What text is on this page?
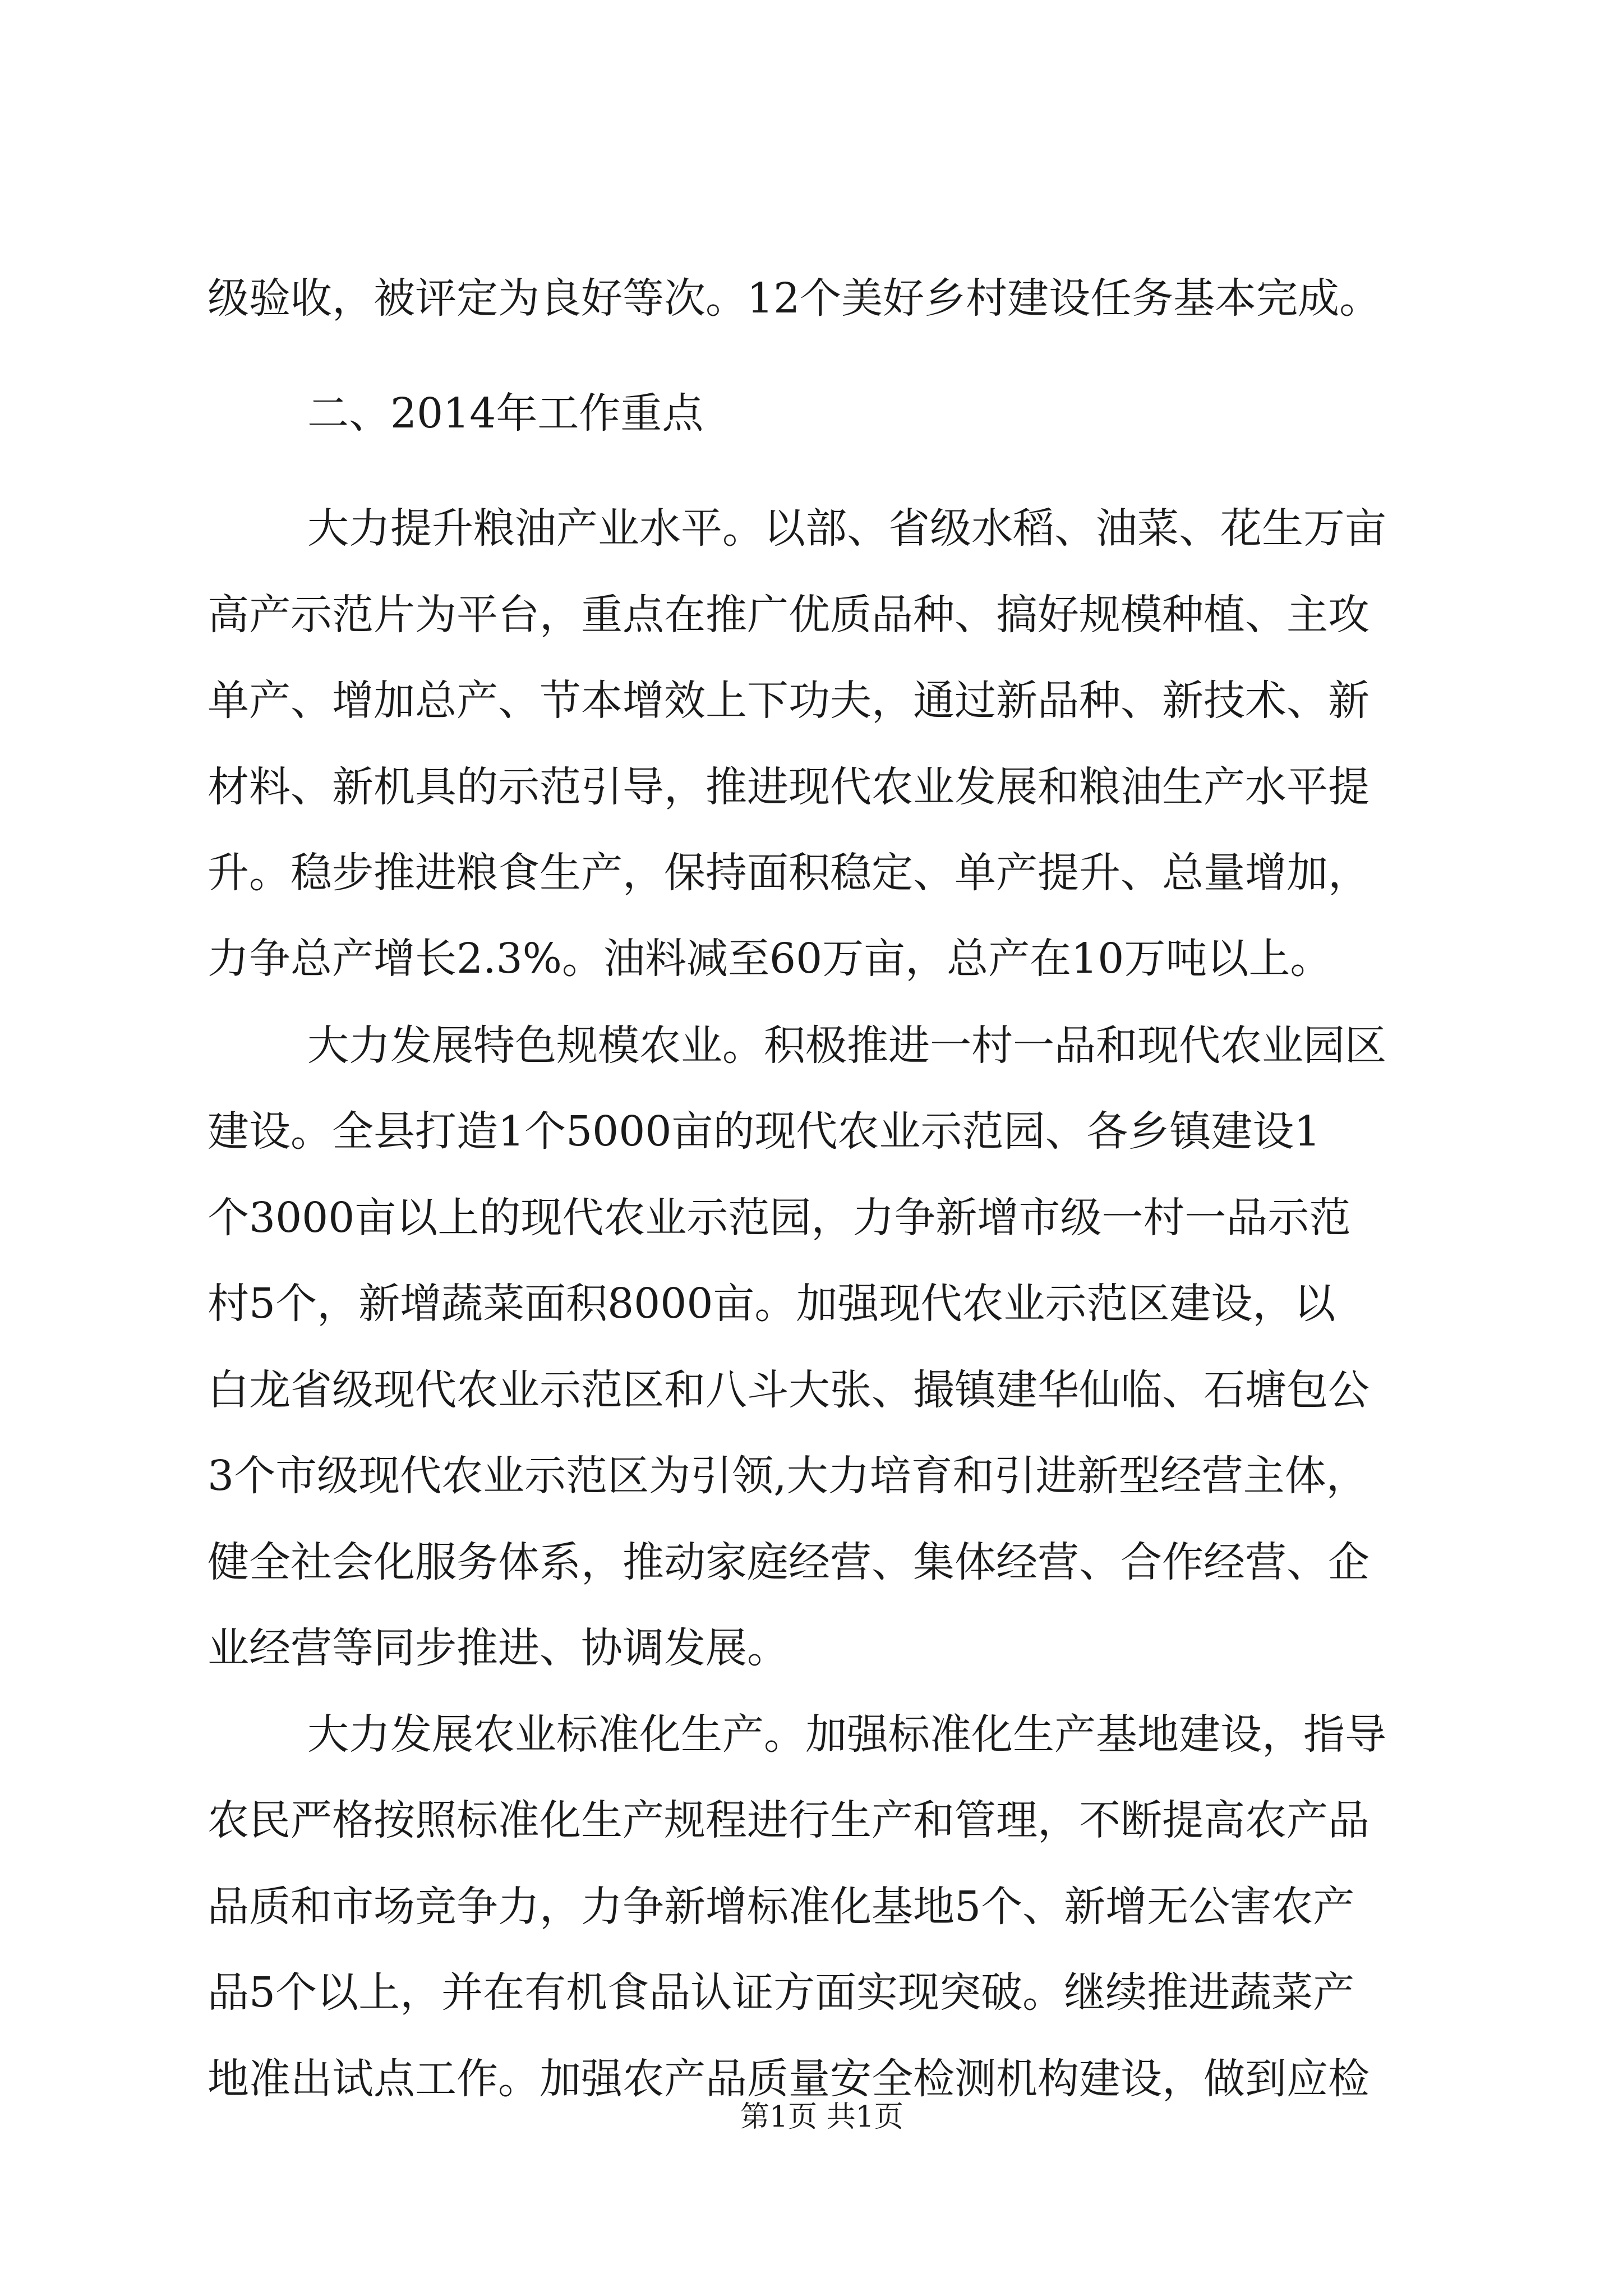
级验收，被评定为良好等次。12个美好乡村建设任务基本完成。
二、2014年工作重点
大力提升粮油产业水平。以部、省级水稻、油菜、花生万亩
高产示范片为平台，重点在推广优质品种、搞好规模种植、主攻
单产、增加总产、节本增效上下功夫，通过新品种、新技术、新
材料、新机具的示范引导，推进现代农业发展和粮油生产水平提
升。稳步推进粮食生产，保持面积稳定、单产提升、总量增加，
力争总产增长2.3%。油料减至60万亩，总产在10万吨以上。
大力发展特色规模农业。积极推进一村一品和现代农业园区
建设。全县打造1个5000亩的现代农业示范园、各乡镇建设1
个3000亩以上的现代农业示范园，力争新增市级一村一品示范
村5个，新增蔬菜面积8000亩。加强现代农业示范区建设，以
白龙省级现代农业示范区和八斗大张、撮镇建华仙临、石塘包公
3个市级现代农业示范区为引领,大力培育和引进新型经营主体，
健全社会化服务体系，推动家庭经营、集体经营、合作经营、企
业经营等同步推进、协调发展。
大力发展农业标准化生产。加强标准化生产基地建设，指导
农民严格按照标准化生产规程进行生产和管理，不断提高农产品
品质和市场竞争力，力争新增标准化基地5个、新增无公害农产
品5个以上，并在有机食品认证方面实现突破。继续推进蔬菜产
地准出试点工作。加强农产品质量安全检测机构建设，做到应检
第1页 共1页
